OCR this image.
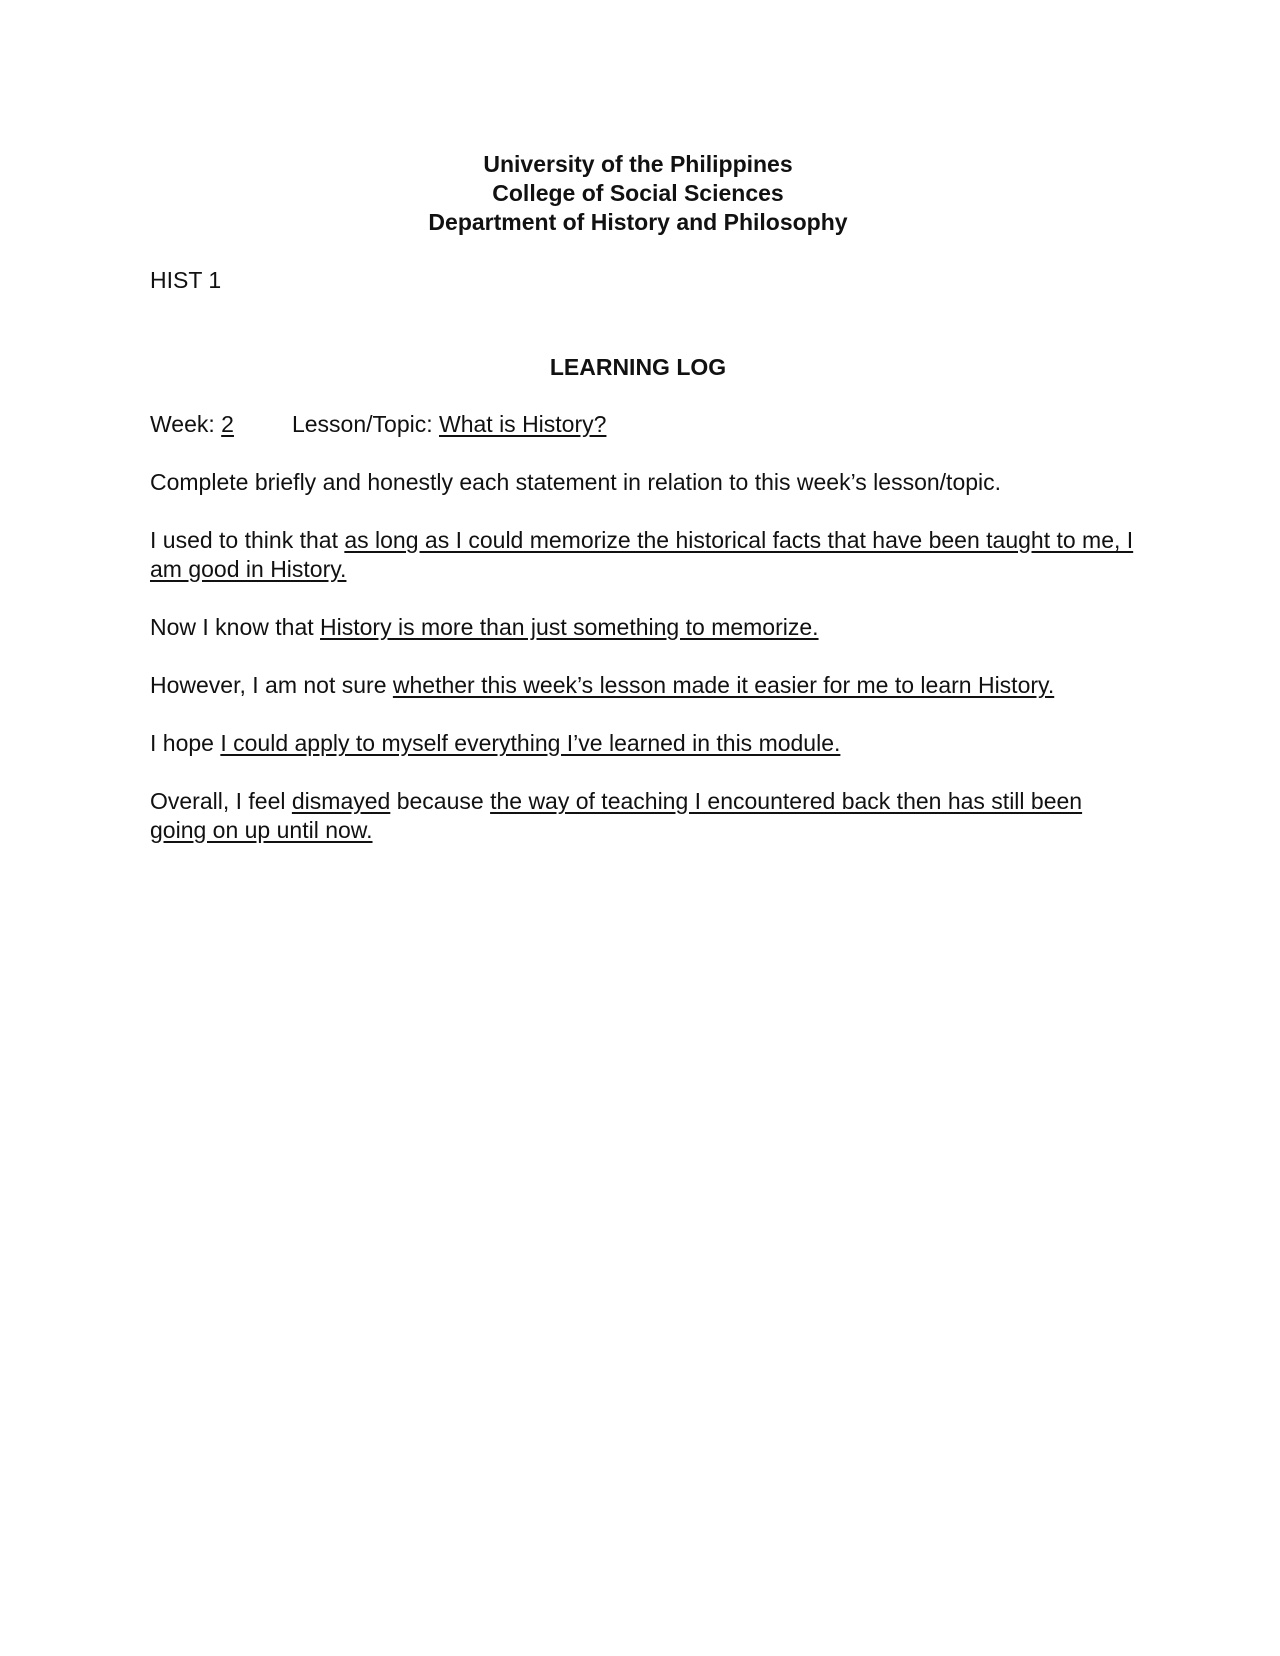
University of the Philippines
College of Social Sciences
Department of History and Philosophy
HIST 1
LEARNING LOG
Week: 2	Lesson/Topic: What is History?
Complete briefly and honestly each statement in relation to this week’s lesson/topic.
I used to think that as long as I could memorize the historical facts that have been taught to me, I am good in History.
Now I know that History is more than just something to memorize.
However, I am not sure whether this week’s lesson made it easier for me to learn History.
I hope I could apply to myself everything I’ve learned in this module.
Overall, I feel dismayed because the way of teaching I encountered back then has still been going on up until now.
